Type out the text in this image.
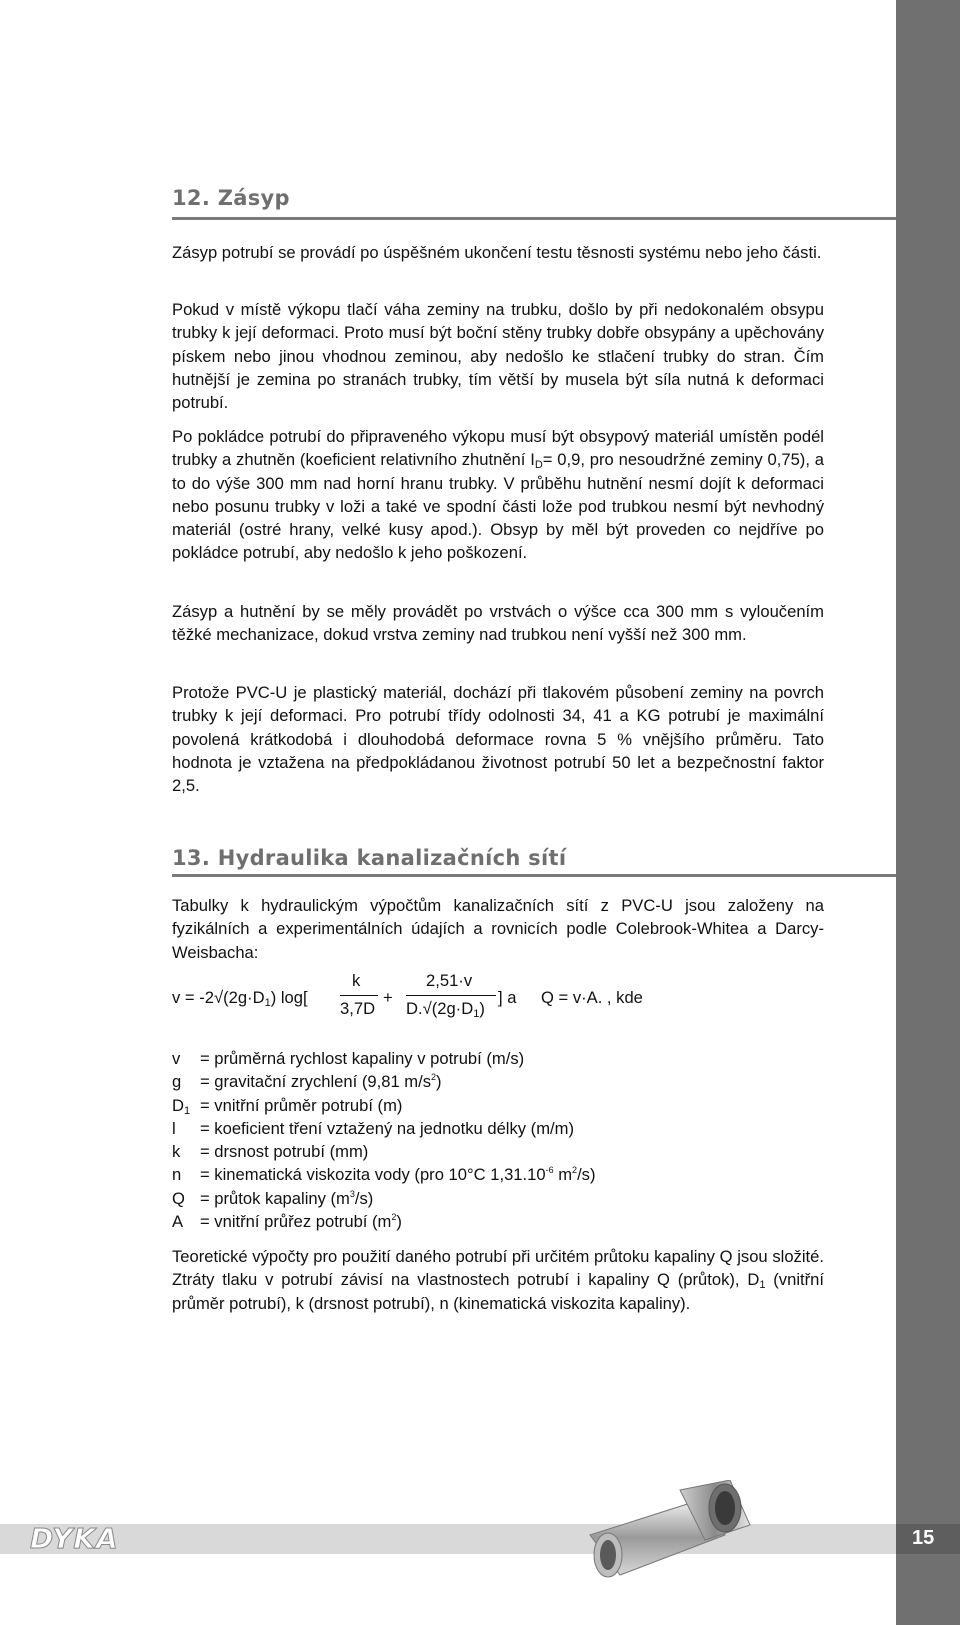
12. Zásyp

Zásyp potrubí se provádí po úspěšném ukončení testu těsnosti systému nebo jeho části.

Pokud v místě výkopu tlačí váha zeminy na trubku, došlo by při nedokonalém obsypu trubky k její deformaci. Proto musí být boční stěny trubky dobře obsypány a upěchovány pískem nebo jinou vhodnou zeminou, aby nedošlo ke stlačení trubky do stran. Čím hutnější je zemina po stranách trubky, tím větší by musela být síla nutná k deformaci potrubí.

Po pokládce potrubí do připraveného výkopu musí být obsypový materiál umístěn podél trubky a zhutněn (koeficient relativního zhutnění $I_D= 0,9$, pro nesoudržné zeminy 0,75), a to do výše 300 mm nad horní hranu trubky. V průběhu hutnění nesmí dojít k deformaci nebo posunu trubky v loži a také ve spodní části lože pod trubkou nesmí být nevhodný materiál (ostré hrany, velké kusy apod.). Obsyp by měl být proveden co nejdříve po pokládce potrubí, aby nedošlo k jeho poškození.

Zásyp a hutnění by se měly provádět po vrstvách o výšce cca 300 mm s vyloučením těžké mechanizace, dokud vrstva zeminy nad trubkou není vyšší než 300 mm.

Protože PVC-U je plastický materiál, dochází při tlakovém působení zeminy na povrch trubky k její deformaci. Pro potrubí třídy odolnosti 34, 41 a KG potrubí je maximální povolená krátkodobá i dlouhodobá deformace rovna 5 % vnějšího průměru. Tato hodnota je vztažena na předpokládanou životnost potrubí 50 let a bezpečnostní faktor 2,5.

13. Hydraulika kanalizačních sítí

Tabulky k hydraulickým výpočtům kanalizačních sítí z PVC-U jsou založeny na fyzikálních a experimentálních údajích a rovnicích podle Colebrook-Whitea a Darcy-Weisbacha:

$v = -2√(2g\cdot D_1)$ log[
k
3,7D
+
2,51·v
$D.√(2g\cdot D_1)$
] a Q = v·A. , kde
v = průměrná rychlost kapaliny v potrubí (m/s)
g = gravitační zrychlení (9,81 $m/s^2$)
$D_1$ = vnitřní průměr potrubí (m)
l = koeficient tření vztažený na jednotku délky (m/m)
k = drsnost potrubí (mm)
n = kinematická viskozita vody (pro 10°C $1,31.10^{-6}$ $m^2/s$)
Q = průtok kapaliny $(m^3/s)$
A = vnitřní průřez potrubí $(m^2)$

Teoretické výpočty pro použití daného potrubí při určitém průtoku kapaliny Q jsou složité. Ztráty tlaku v potrubí závisí na vlastnostech potrubí i kapaliny Q (průtok), $D_1$ (vnitřní průměr potrubí), k (drsnost potrubí), n (kinematická viskozita kapaliny).

DYKA	15
